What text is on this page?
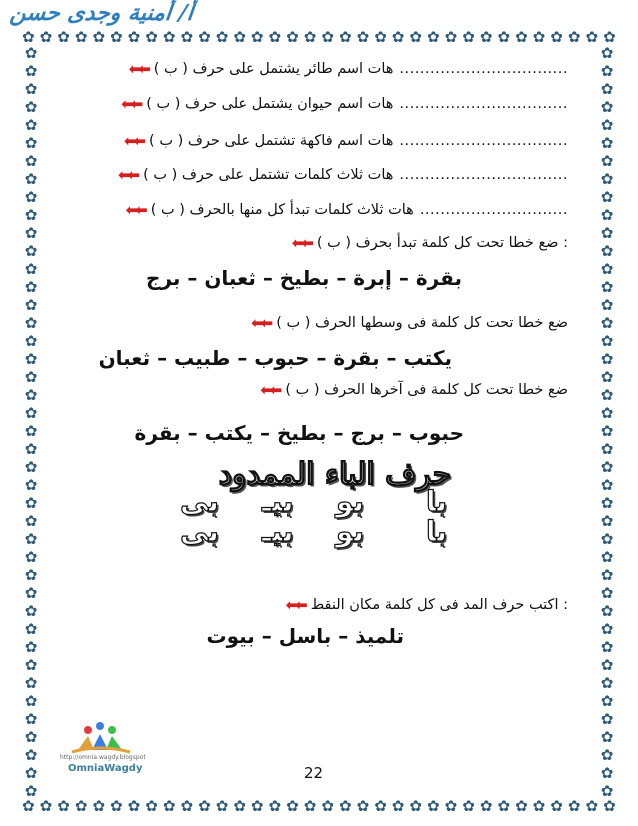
✿ ✿ ✿ ✿ ✿ ✿ ✿ ✿ ✿ ✿ ✿ ✿ ✿ ✿ ✿ ✿ ✿ ✿ ✿ ✿ ✿ ✿ ✿ ✿ ✿ ✿ ✿ ✿ ✿ ✿ ✿ ✿ ✿ ✿
✿ ✿ ✿ ✿ ✿ ✿ ✿ ✿ ✿ ✿ ✿ ✿ ✿ ✿ ✿ ✿ ✿ ✿ ✿ ✿ ✿ ✿ ✿ ✿ ✿ ✿ ✿ ✿ ✿ ✿ ✿ ✿ ✿ ✿
✿
✿
✿
✿
✿
✿
✿
✿
✿
✿
✿
✿
✿
✿
✿
✿
✿
✿
✿
✿
✿
✿
✿
✿
✿
✿
✿
✿
✿
✿
✿
✿
✿
✿
✿
✿
✿
✿
✿
✿
✿
✿
✿
✿
✿
✿
✿
✿
✿
✿
✿
✿
✿
✿
✿
✿
✿
✿
✿
✿
✿
✿
✿
✿
✿
✿
✿
✿
✿
✿
✿
✿
✿
✿
✿
✿
✿
✿
✿
✿
✿
✿
✿
✿
أ/ أمنية وجدى حسن
⬅⬅ هات اسم طائر يشتمل على حرف ( ب ) .................................
⬅⬅ هات اسم حيوان يشتمل على حرف ( ب ) .................................
⬅⬅ هات اسم فاكهة تشتمل على حرف ( ب ) .................................
⬅⬅ هات ثلاث كلمات تشتمل على حرف ( ب ) .................................
⬅⬅ هات ثلاث كلمات تبدأ كل منها بالحرف ( ب ) .............................
⬅⬅ ضع خطا تحت كل كلمة تبدأ بحرف ( ب ) :
بقرة – إبرة – بطيخ – ثعبان – برج
⬅⬅ ضع خطا تحت كل كلمة فى وسطها الحرف ( ب )
يكتب – بقرة – حبوب – طبيب – ثعبان
⬅⬅ ضع خطا تحت كل كلمة فى آخرها الحرف ( ب )
حبوب – برج – بطيخ – يكتب – بقرة
حرف الباء الممدود
با
بو
بيـ
بى
با
بو
بيـ
بى
⬅⬅ اكتب حرف المد فى كل كلمة مكان النقط :
تلميذ – باسل – بيوت
http://omnia.wagdy.blogspot
OmniaWagdy	22
